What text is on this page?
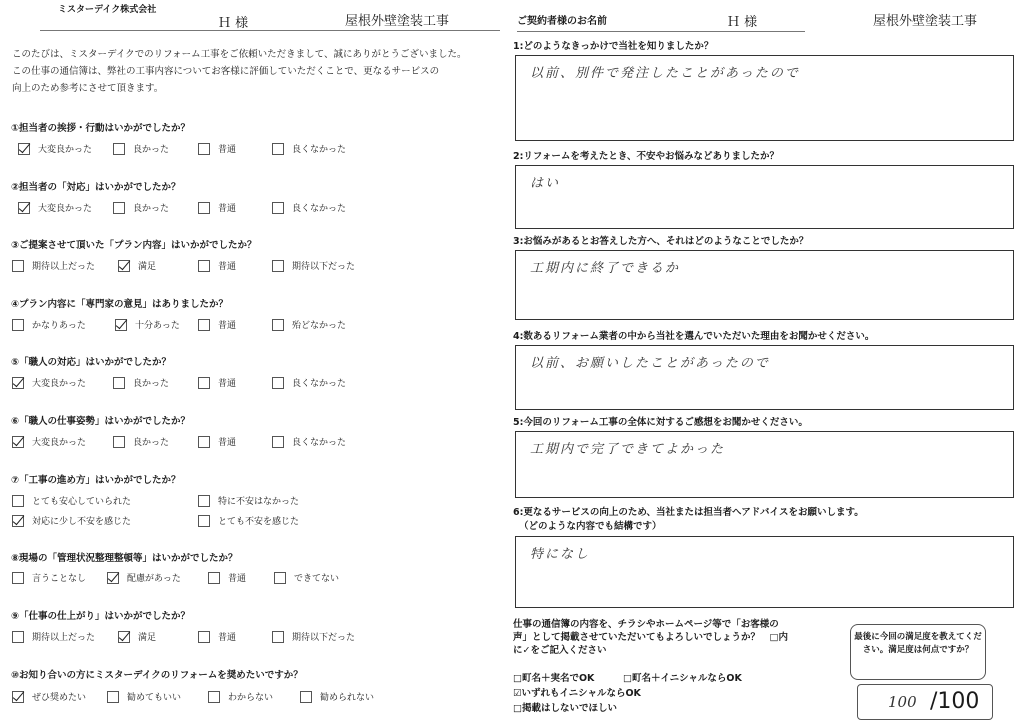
ミスターデイク株式会社
Ｈ 様	屋根外壁塗装工事
このたびは、ミスターデイクでのリフォーム工事をご依頼いただきまして、誠にありがとうございました。
この仕事の通信簿は、弊社の工事内容についてお客様に評価していただくことで、更なるサービスの
向上のため参考にさせて頂きます。
①担当者の挨拶・行動はいかがでしたか？
大変良かった	良かった	普通	良くなかった
②担当者の「対応」はいかがでしたか？
大変良かった	良かった	普通	良くなかった
③ご提案させて頂いた「プラン内容」はいかがでしたか？
期待以上だった	満足	普通	期待以下だった
④プラン内容に「専門家の意見」はありましたか？
かなりあった	十分あった	普通	殆どなかった
⑤「職人の対応」はいかがでしたか？
大変良かった	良かった	普通	良くなかった
⑥「職人の仕事姿勢」はいかがでしたか？
大変良かった	良かった	普通	良くなかった
⑦「工事の進め方」はいかがでしたか？
とても安心していられた	特に不安はなかった
対応に少し不安を感じた	とても不安を感じた
⑧現場の「管理状況整理整頓等」はいかがでしたか？
言うことなし	配慮があった	普通	できてない
⑨「仕事の仕上がり」はいかがでしたか？
期待以上だった	満足	普通	期待以下だった
⑩お知り合いの方にミスターデイクのリフォームを奨めたいですか？
ぜひ奨めたい	勧めてもいい	わからない	勧められない
ご契約者様のお名前	Ｈ 様	屋根外壁塗装工事
1:どのようなきっかけで当社を知りましたか？
以前、別件で発注したことがあったので
2:リフォームを考えたとき、不安やお悩みなどありましたか？
はい
3:お悩みがあるとお答えした方へ、それはどのようなことでしたか？
工期内に終了できるか
4:数あるリフォーム業者の中から当社を選んでいただいた理由をお聞かせください。
以前、お願いしたことがあったので
5:今回のリフォーム工事の全体に対するご感想をお聞かせください。
工期内で完了できてよかった
6:更なるサービスの向上のため、当社または担当者へアドバイスをお願いします。
（どのような内容でも結構です）
特になし
仕事の通信簿の内容を、チラシやホームページ等で「お客様の声」として掲載させていただいてもよろしいでしょうか？　□内に✓をご記入ください
□町名＋実名でOK	□町名＋イニシャルならOK
☑いずれもイニシャルならOK
□掲載はしないでほしい
最後に今回の満足度を教えてください。満足度は何点ですか？
100 /100
